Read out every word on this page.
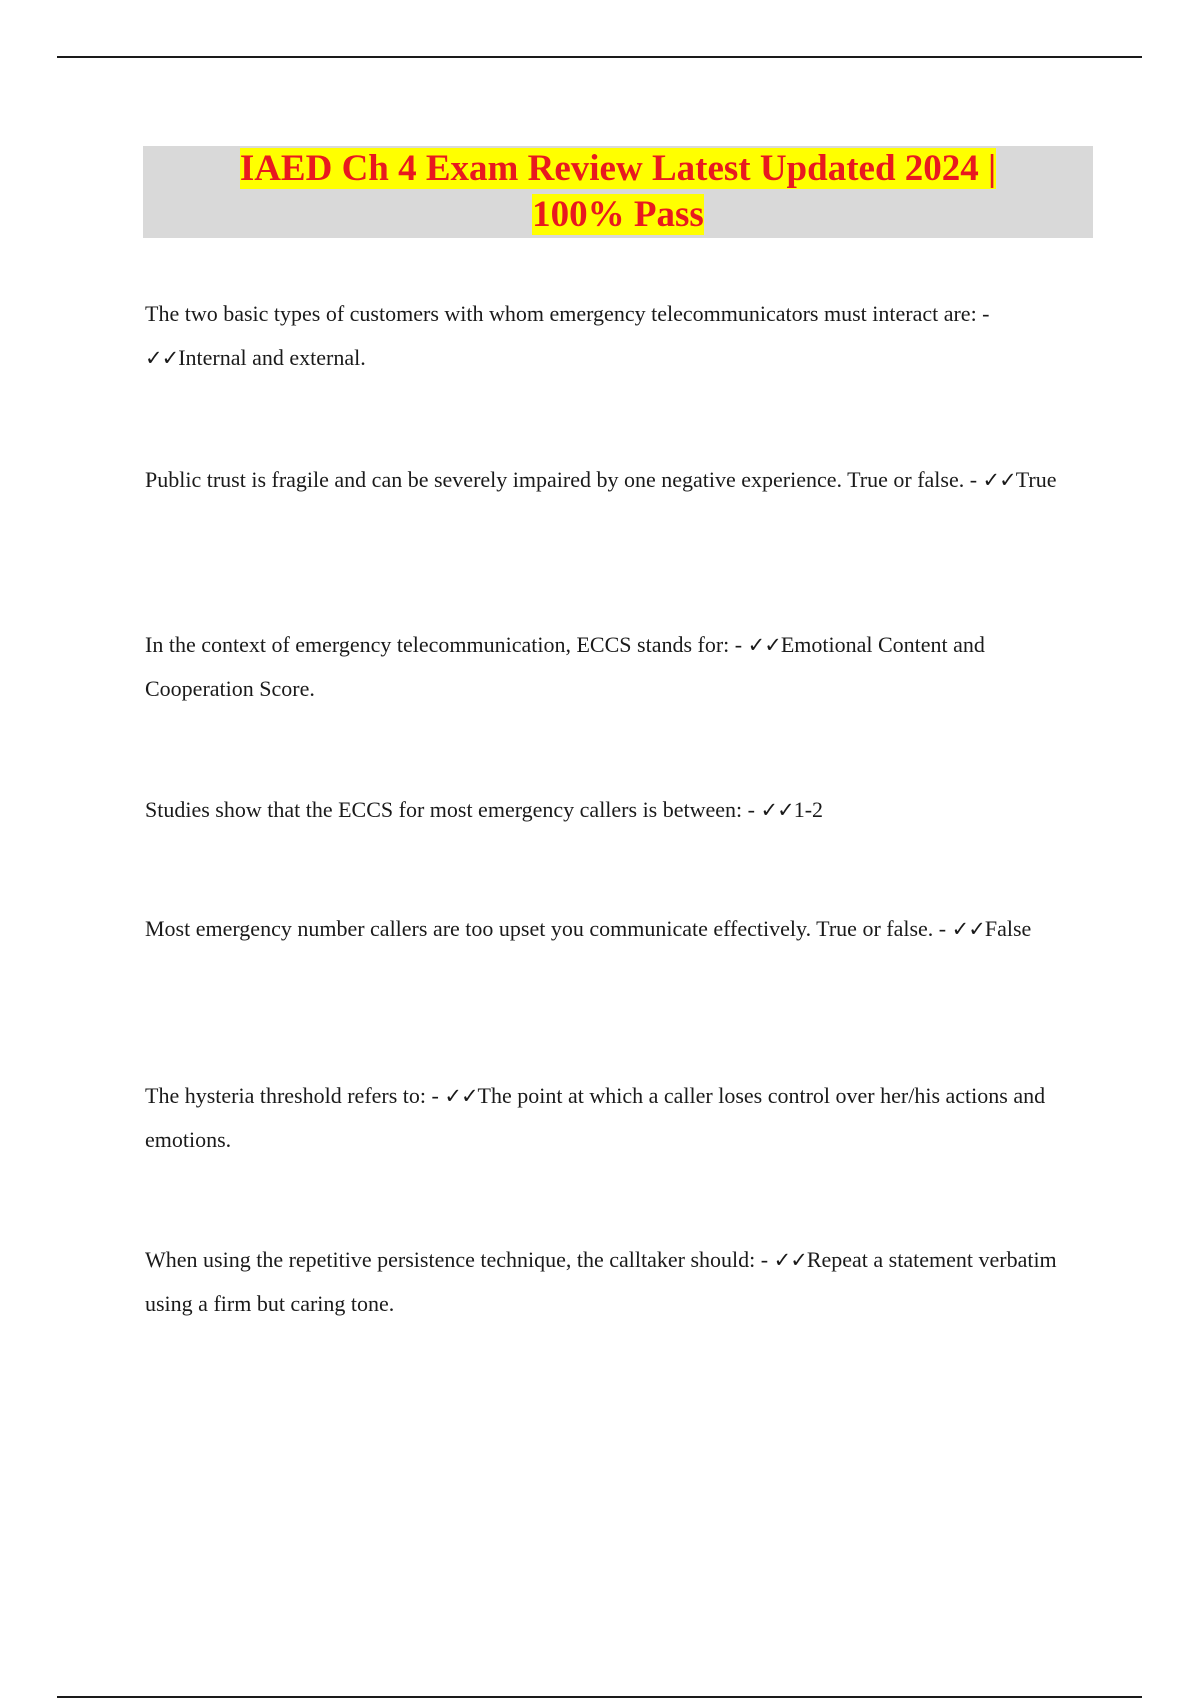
IAED Ch 4 Exam Review Latest Updated 2024 |
100% Pass
The two basic types of customers with whom emergency telecommunicators must interact are: - ✓✓Internal and external.
Public trust is fragile and can be severely impaired by one negative experience. True or false. - ✓✓True
In the context of emergency telecommunication, ECCS stands for: - ✓✓Emotional Content and Cooperation Score.
Studies show that the ECCS for most emergency callers is between: - ✓✓1-2
Most emergency number callers are too upset you communicate effectively. True or false. - ✓✓False
The hysteria threshold refers to: - ✓✓The point at which a caller loses control over her/his actions and emotions.
When using the repetitive persistence technique, the calltaker should: - ✓✓Repeat a statement verbatim using a firm but caring tone.
